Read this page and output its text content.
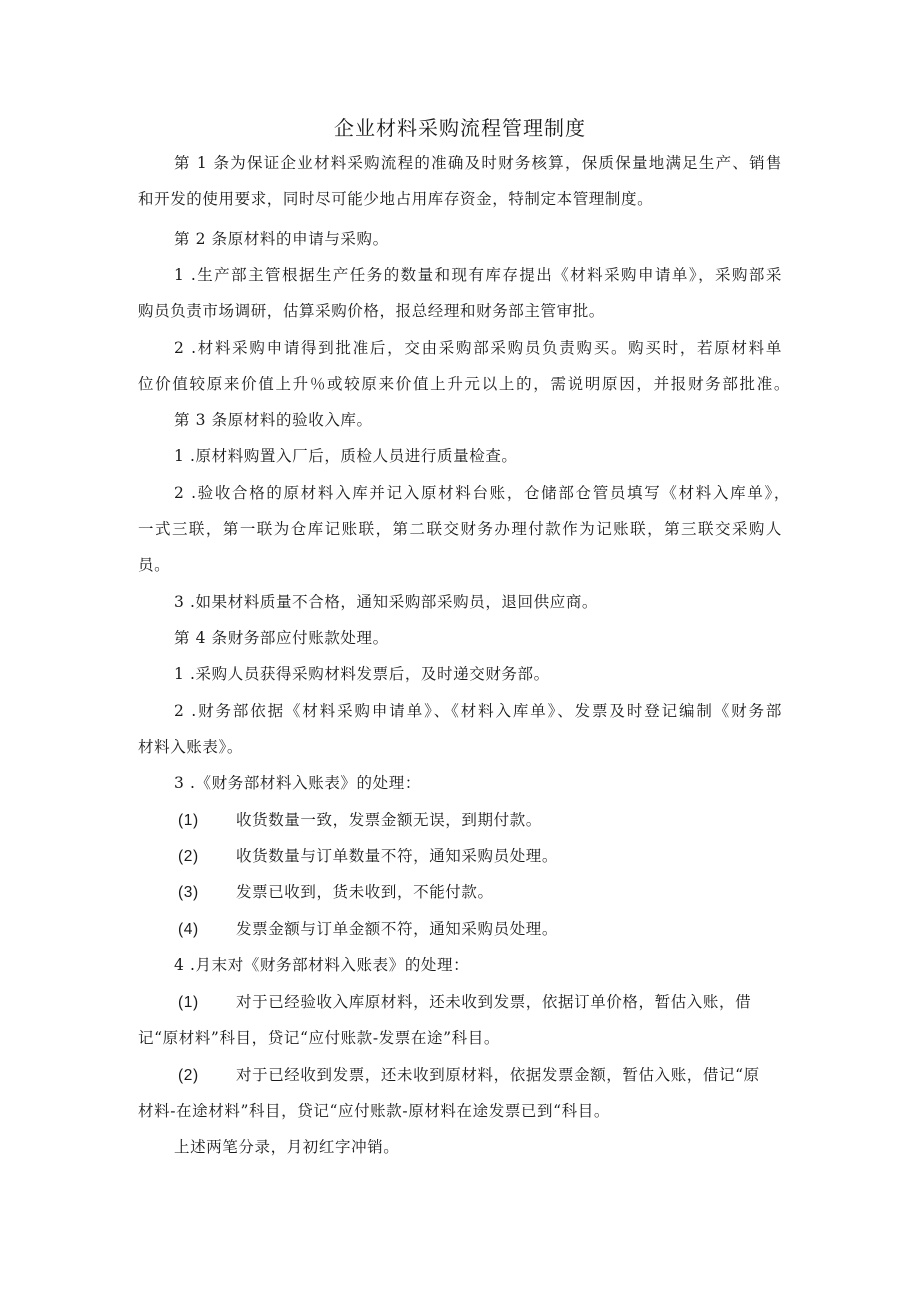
企业材料采购流程管理制度
第 1 条为保证企业材料采购流程的准确及时财务核算，保质保量地满足生产、销售
和开发的使用要求，同时尽可能少地占用库存资金，特制定本管理制度。
第 2 条原材料的申请与采购。
1 .生产部主管根据生产任务的数量和现有库存提出《材料采购申请单》，采购部采
购员负责市场调研，估算采购价格，报总经理和财务部主管审批。
2 .材料采购申请得到批准后，交由采购部采购员负责购买。购买时，若原材料单
位价值较原来价值上升％或较原来价值上升元以上的，需说明原因，并报财务部批准。
第 3 条原材料的验收入库。
1 .原材料购置入厂后，质检人员进行质量检查。
2 .验收合格的原材料入库并记入原材料台账，仓储部仓管员填写《材料入库单》，
一式三联，第一联为仓库记账联，第二联交财务办理付款作为记账联，第三联交采购人
员。
3 .如果材料质量不合格，通知采购部采购员，退回供应商。
第 4 条财务部应付账款处理。
1 .采购人员获得采购材料发票后，及时递交财务部。
2 .财务部依据《材料采购申请单》、《材料入库单》、发票及时登记编制《财务部
材料入账表》。
3 .《财务部材料入账表》的处理：
(1) 收货数量一致，发票金额无误，到期付款。
(2) 收货数量与订单数量不符，通知采购员处理。
(3) 发票已收到，货未收到，不能付款。
(4) 发票金额与订单金额不符，通知采购员处理。
4 .月末对《财务部材料入账表》的处理：
(1) 对于已经验收入库原材料，还未收到发票，依据订单价格，暂估入账，借
记“原材料”科目，贷记“应付账款-发票在途”科目。
(2) 对于已经收到发票，还未收到原材料，依据发票金额，暂估入账，借记“原
材料-在途材料”科目，贷记“应付账款-原材料在途发票已到“科目。
上述两笔分录，月初红字冲销。
